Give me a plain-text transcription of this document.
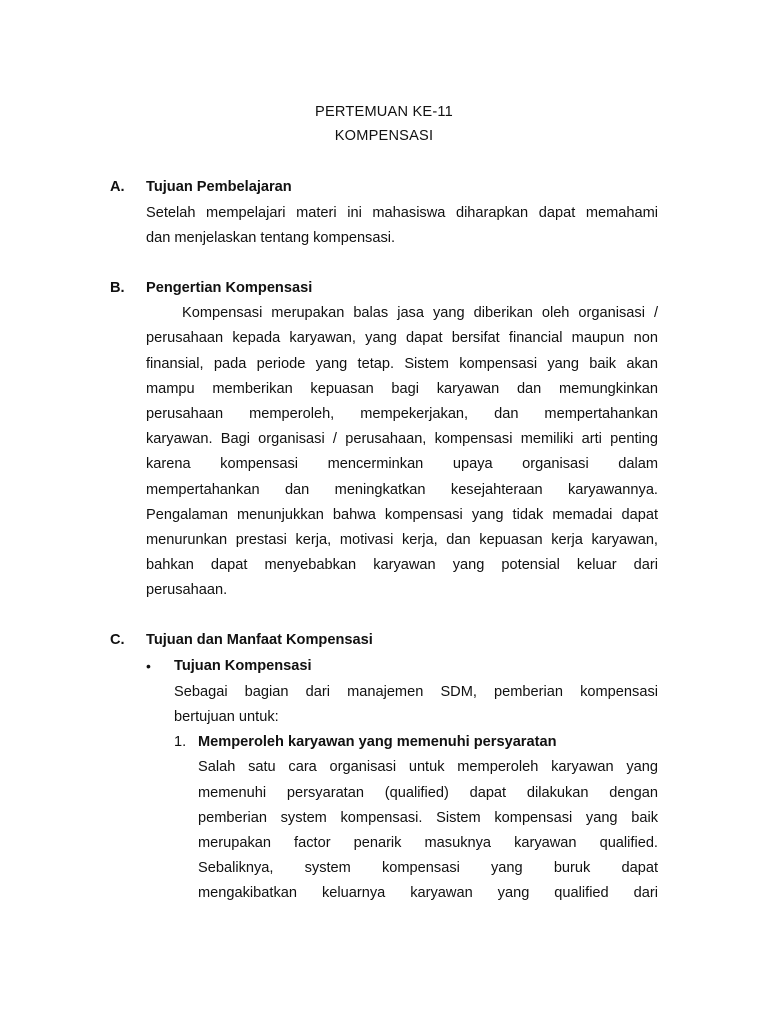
PERTEMUAN KE-11
KOMPENSASI
A. Tujuan Pembelajaran
Setelah mempelajari materi ini mahasiswa diharapkan dapat memahami
dan menjelaskan tentang kompensasi.
B. Pengertian Kompensasi
Kompensasi merupakan balas jasa yang diberikan oleh organisasi /
perusahaan kepada karyawan, yang dapat bersifat financial maupun non
finansial, pada periode yang tetap. Sistem kompensasi yang baik akan
mampu memberikan kepuasan bagi karyawan dan memungkinkan
perusahaan memperoleh, mempekerjakan, dan mempertahankan
karyawan. Bagi organisasi / perusahaan, kompensasi memiliki arti penting
karena kompensasi mencerminkan upaya organisasi dalam
mempertahankan dan meningkatkan kesejahteraan karyawannya.
Pengalaman menunjukkan bahwa kompensasi yang tidak memadai dapat
menurunkan prestasi kerja, motivasi kerja, dan kepuasan kerja karyawan,
bahkan dapat menyebabkan karyawan yang potensial keluar dari
perusahaan.
C. Tujuan dan Manfaat Kompensasi
• Tujuan Kompensasi
Sebagai bagian dari manajemen SDM, pemberian kompensasi
bertujuan untuk:
1. Memperoleh karyawan yang memenuhi persyaratan
Salah satu cara organisasi untuk memperoleh karyawan yang
memenuhi persyaratan (qualified) dapat dilakukan dengan
pemberian system kompensasi. Sistem kompensasi yang baik
merupakan factor penarik masuknya karyawan qualified.
Sebaliknya, system kompensasi yang buruk dapat
mengakibatkan keluarnya karyawan yang qualified dari
